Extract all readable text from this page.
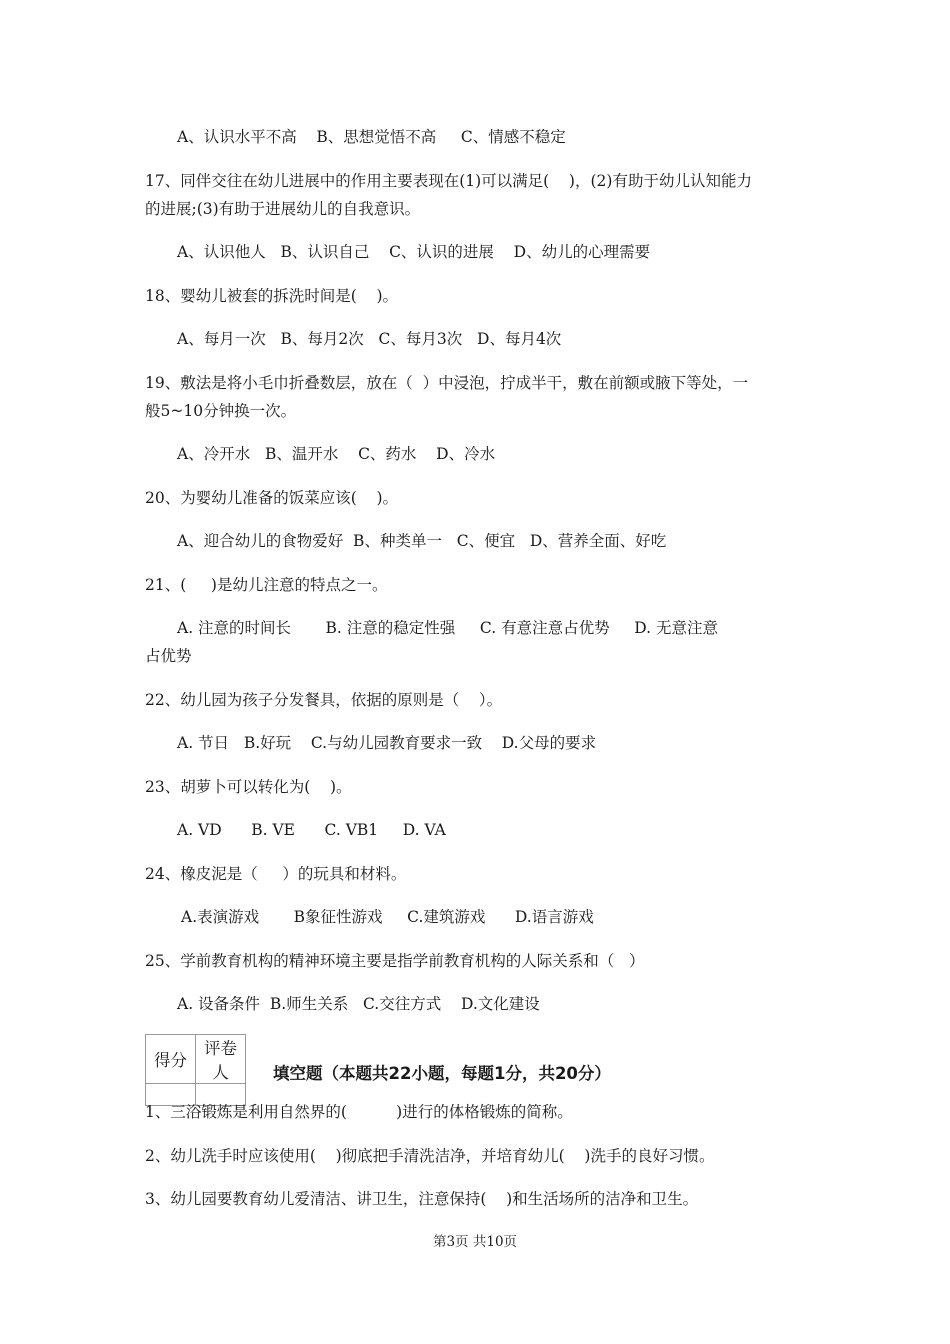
A、认识水平不高    B、思想觉悟不高     C、情感不稳定
17、同伴交往在幼儿进展中的作用主要表现在(1)可以满足(    )，(2)有助于幼儿认知能力
的进展;(3)有助于进展幼儿的自我意识。
A、认识他人   B、认识自己    C、认识的进展    D、幼儿的心理需要
18、婴幼儿被套的拆洗时间是(    )。
A、每月一次   B、每月2次   C、每月3次   D、每月4次
19、敷法是将小毛巾折叠数层，放在（  ）中浸泡，拧成半干，敷在前额或腋下等处，一
般5~10分钟换一次。
A、冷开水   B、温开水    C、药水    D、冷水
20、为婴幼儿准备的饭菜应该(    )。
A、迎合幼儿的食物爱好  B、种类单一   C、便宜   D、营养全面、好吃
21、(     )是幼儿注意的特点之一。
A. 注意的时间长       B. 注意的稳定性强     C. 有意注意占优势     D. 无意注意
占优势
22、幼儿园为孩子分发餐具，依据的原则是（    ）。
A. 节日   B.好玩    C.与幼儿园教育要求一致    D.父母的要求
23、胡萝卜可以转化为(    )。
A. VD      B. VE      C. VB1     D. VA
24、橡皮泥是（     ）的玩具和材料。
A.表演游戏       B象征性游戏     C.建筑游戏      D.语言游戏
25、学前教育机构的精神环境主要是指学前教育机构的人际关系和（   ）
A. 设备条件  B.师生关系   C.交往方式    D.文化建设
得分	评卷人
		填空题（本题共22小题，每题1分，共20分）
1、三浴锻炼是利用自然界的(          )进行的体格锻炼的简称。
2、幼儿洗手时应该使用(    )彻底把手清洗洁净，并培育幼儿(    )洗手的良好习惯。
3、幼儿园要教育幼儿爱清洁、讲卫生，注意保持(    )和生活场所的洁净和卫生。
第3页 共10页
